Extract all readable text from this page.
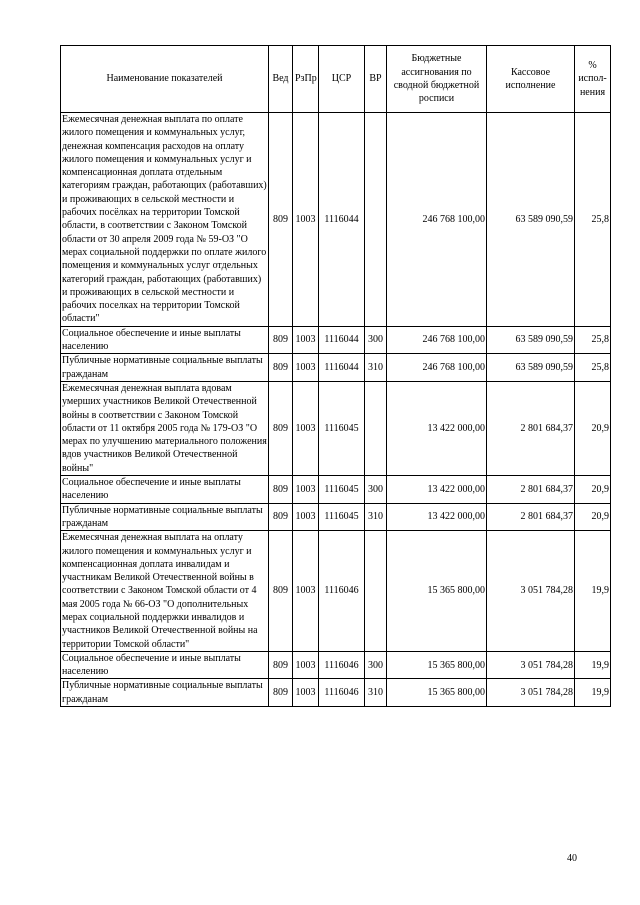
Наименование показателей	Вед	РзПр	ЦСР	ВР	Бюджетные ассигнования по сводной бюджетной росписи	Кассовое исполнение	% испол-нения
Ежемесячная денежная выплата по оплате жилого помещения и коммунальных услуг, денежная компенсация расходов на оплату жилого помещения и коммунальных услуг и компенсационная доплата отдельным категориям граждан, работающих (работавших) и проживающих в сельской местности и рабочих посёлках на территории Томской области, в соответствии с Законом Томской области от 30 апреля 2009 года № 59-ОЗ "О мерах социальной поддержки по оплате жилого помещения и коммунальных услуг отдельных категорий граждан, работающих (работавших) и проживающих в сельской местности и рабочих поселках на территории Томской области"	809	1003	1116044		246 768 100,00	63 589 090,59	25,8
Социальное обеспечение и иные выплаты населению	809	1003	1116044	300	246 768 100,00	63 589 090,59	25,8
Публичные нормативные социальные выплаты гражданам	809	1003	1116044	310	246 768 100,00	63 589 090,59	25,8
Ежемесячная денежная выплата вдовам умерших участников Великой Отечественной войны в соответствии с Законом Томской области от 11 октября 2005 года № 179-ОЗ "О мерах по улучшению материального положения вдов участников Великой Отечественной войны"	809	1003	1116045		13 422 000,00	2 801 684,37	20,9
Социальное обеспечение и иные выплаты населению	809	1003	1116045	300	13 422 000,00	2 801 684,37	20,9
Публичные нормативные социальные выплаты гражданам	809	1003	1116045	310	13 422 000,00	2 801 684,37	20,9
Ежемесячная денежная выплата на оплату жилого помещения и коммунальных услуг и компенсационная доплата инвалидам и участникам Великой Отечественной войны в соответствии с Законом Томской области от 4 мая 2005 года № 66-ОЗ "О дополнительных мерах социальной поддержки инвалидов и участников Великой Отечественной войны на территории Томской области"	809	1003	1116046		15 365 800,00	3 051 784,28	19,9
Социальное обеспечение и иные выплаты населению	809	1003	1116046	300	15 365 800,00	3 051 784,28	19,9
Публичные нормативные социальные выплаты гражданам	809	1003	1116046	310	15 365 800,00	3 051 784,28	19,9
40
